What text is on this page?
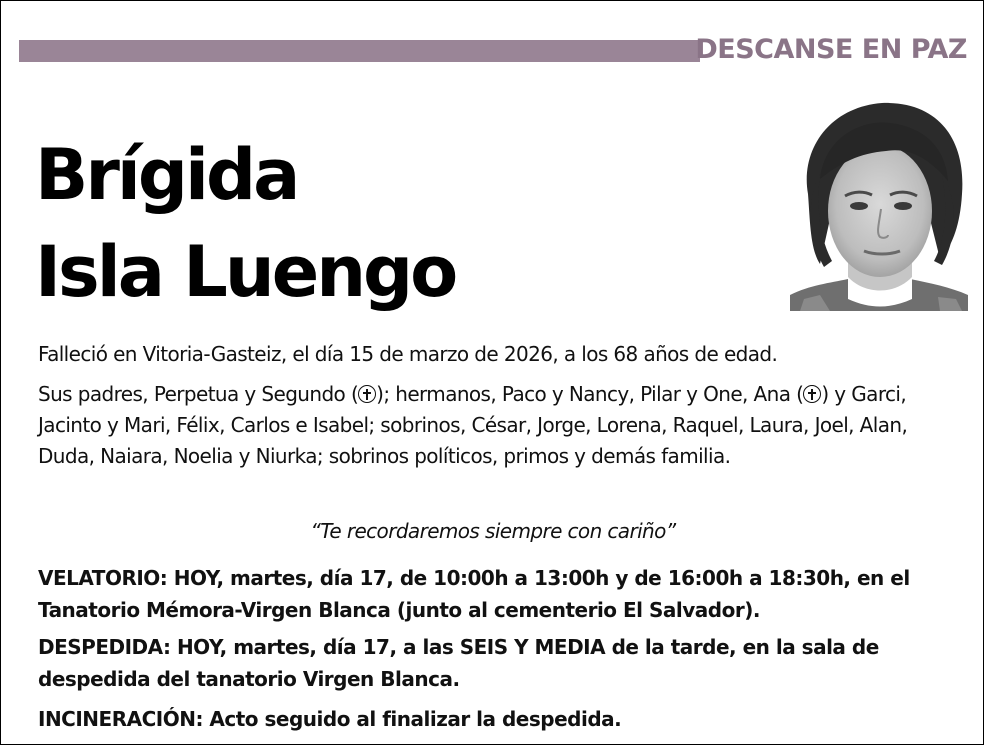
DESCANSE EN PAZ
Brígida
Isla Luengo

Falleció en Vitoria-Gasteiz, el día 15 de marzo de 2026, a los 68 años de edad.

Sus padres, Perpetua y Segundo ( ); hermanos, Paco y Nancy, Pilar y One, Ana ( ) y Garci, Jacinto y Mari, Félix, Carlos e Isabel; sobrinos, César, Jorge, Lorena, Raquel, Laura, Joel, Alan, Duda, Naiara, Noelia y Niurka; sobrinos políticos, primos y demás familia.

“Te recordaremos siempre con cariño”

VELATORIO: HOY, martes, día 17, de 10:00h a 13:00h y de 16:00h a 18:30h, en el Tanatorio Mémora-Virgen Blanca (junto al cementerio El Salvador).

DESPEDIDA: HOY, martes, día 17, a las SEIS Y MEDIA de la tarde, en la sala de despedida del tanatorio Virgen Blanca.

INCINERACIÓN: Acto seguido al finalizar la despedida.
